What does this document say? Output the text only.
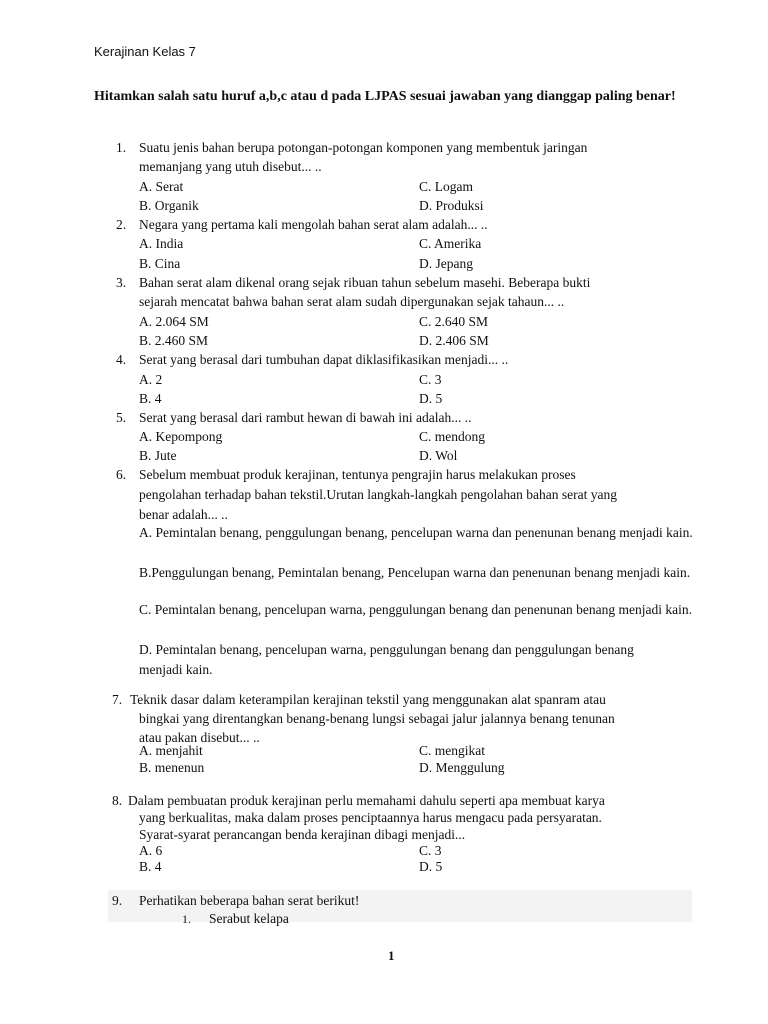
Kerajinan Kelas 7
Hitamkan salah satu huruf a,b,c atau d pada LJPAS sesuai jawaban yang dianggap paling benar!
1. Suatu jenis bahan berupa potongan-potongan komponen yang membentuk jaringan
memanjang yang utuh disebut... ..
A. Serat
B. Organik
C. Logam
D. Produksi
2. Negara yang pertama kali mengolah bahan serat alam adalah... ..
A. India
B. Cina
C. Amerika
D. Jepang
3. Bahan serat alam dikenal orang sejak ribuan tahun sebelum masehi. Beberapa bukti
sejarah mencatat bahwa bahan serat alam sudah dipergunakan sejak tahaun... ..
A. 2.064 SM
B. 2.460 SM
C. 2.640 SM
D. 2.406 SM
4. Serat yang berasal dari tumbuhan dapat diklasifikasikan menjadi... ..
A. 2
B. 4
C. 3
D. 5
5. Serat yang berasal dari rambut hewan di bawah ini adalah... ..
A. Kepompong
B. Jute
C. mendong
D. Wol
6. Sebelum membuat produk kerajinan, tentunya pengrajin harus melakukan proses
pengolahan terhadap bahan tekstil.Urutan langkah-langkah pengolahan bahan serat yang
benar adalah... ..
A. Pemintalan benang, penggulungan benang, pencelupan warna dan penenunan benang menjadi kain.
B.Penggulungan benang, Pemintalan benang, Pencelupan warna dan penenunan benang menjadi kain.
C. Pemintalan benang, pencelupan warna, penggulungan benang dan penenunan benang menjadi kain.
D. Pemintalan benang, pencelupan warna, penggulungan benang dan penggulungan benang menjadi kain.
7. Teknik dasar dalam keterampilan kerajinan tekstil yang menggunakan alat spanram atau
bingkai yang direntangkan benang-benang lungsi sebagai jalur jalannya benang tenunan
atau pakan disebut... ..
A. menjahit
B. menenun
C. mengikat
D. Menggulung
8. Dalam pembuatan produk kerajinan perlu memahami dahulu seperti apa membuat karya
yang berkualitas, maka dalam proses penciptaannya harus mengacu pada persyaratan.
Syarat-syarat perancangan benda kerajinan dibagi menjadi...
A. 6
B. 4
C. 3
D. 5
9. Perhatikan beberapa bahan serat berikut!
1. Serabut kelapa
1
